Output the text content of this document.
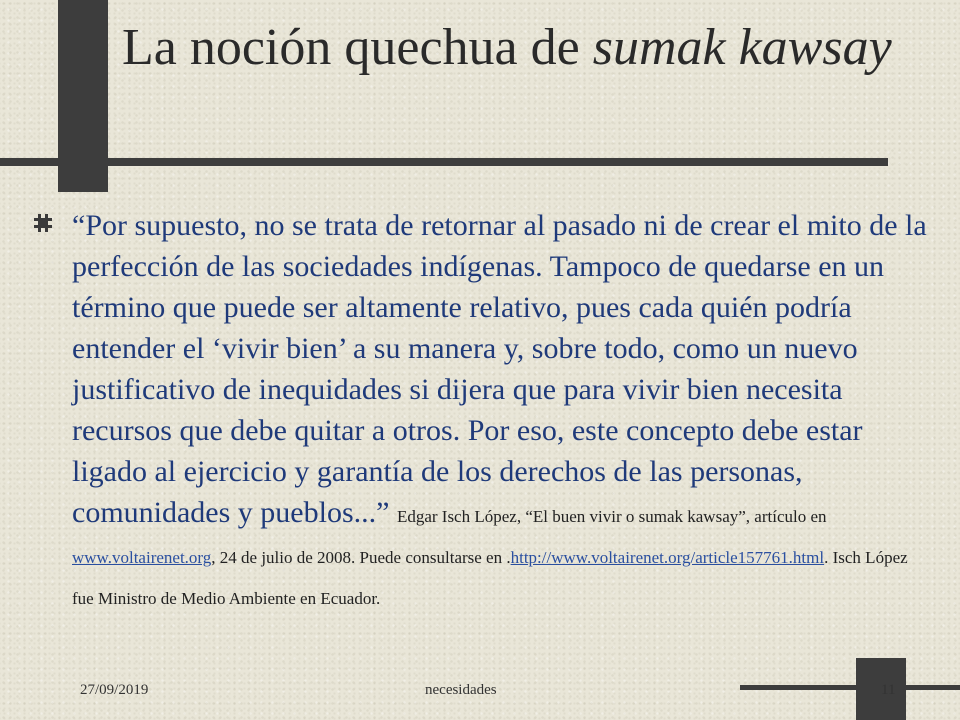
La noción quechua de sumak kawsay

“Por supuesto, no se trata de retornar al pasado ni de crear el mito de la perfección de las sociedades indígenas. Tampoco de quedarse en un término que puede ser altamente relativo, pues cada quién podría entender el ‘vivir bien’ a su manera y, sobre todo, como un nuevo justificativo de inequidades si dijera que para vivir bien necesita recursos que debe quitar a otros. Por eso, este concepto debe estar ligado al ejercicio y garantía de los derechos de las personas, comunidades y pueblos...” Edgar Isch López, “El buen vivir o sumak kawsay”, artículo en www.voltairenet.org, 24 de julio de 2008. Puede consultarse en .http://www.voltairenet.org/article157761.html. Isch López fue Ministro de Medio Ambiente en Ecuador.

27/09/2019	necesidades	11
